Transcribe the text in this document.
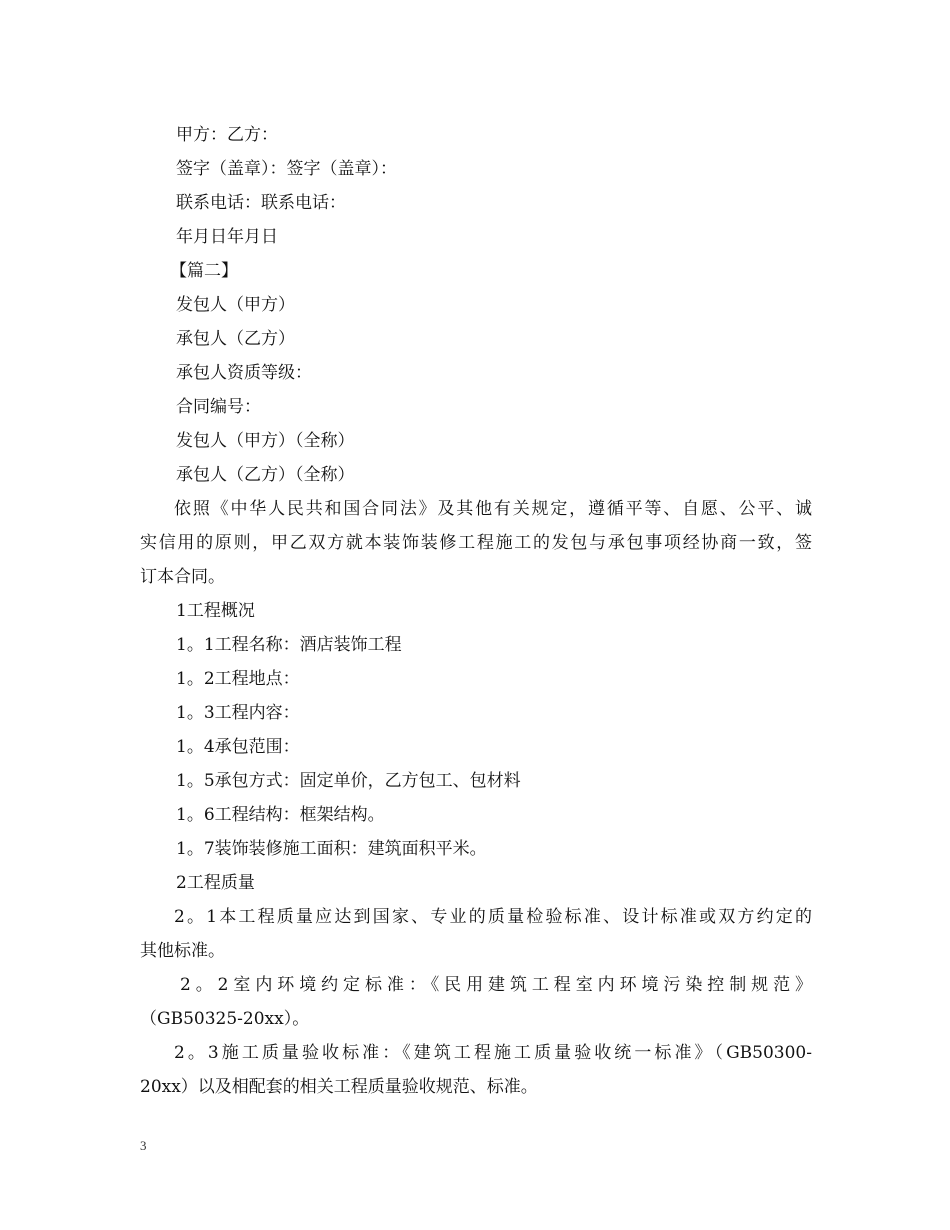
甲方：乙方：
签字（盖章）：签字（盖章）：
联系电话：联系电话：
年月日年月日
【篇二】
发包人（甲方）
承包人（乙方）
承包人资质等级：
合同编号：
发包人（甲方）（全称）
承包人（乙方）（全称）
依照《中华人民共和国合同法》及其他有关规定，遵循平等、自愿、公平、诚
实信用的原则，甲乙双方就本装饰装修工程施工的发包与承包事项经协商一致，签
订本合同。
1工程概况
1。1工程名称：酒店装饰工程
1。2工程地点：
1。3工程内容：
1。4承包范围：
1。5承包方式：固定单价，乙方包工、包材料
1。6工程结构：框架结构。
1。7装饰装修施工面积：建筑面积平米。
2工程质量
2。1本工程质量应达到国家、专业的质量检验标准、设计标准或双方约定的
其他标准。
2。2室内环境约定标准：《民用建筑工程室内环境污染控制规范》
（GB50325-20xx）。
2。3施工质量验收标准：《建筑工程施工质量验收统一标准》（GB50300-
20xx）以及相配套的相关工程质量验收规范、标准。
3
